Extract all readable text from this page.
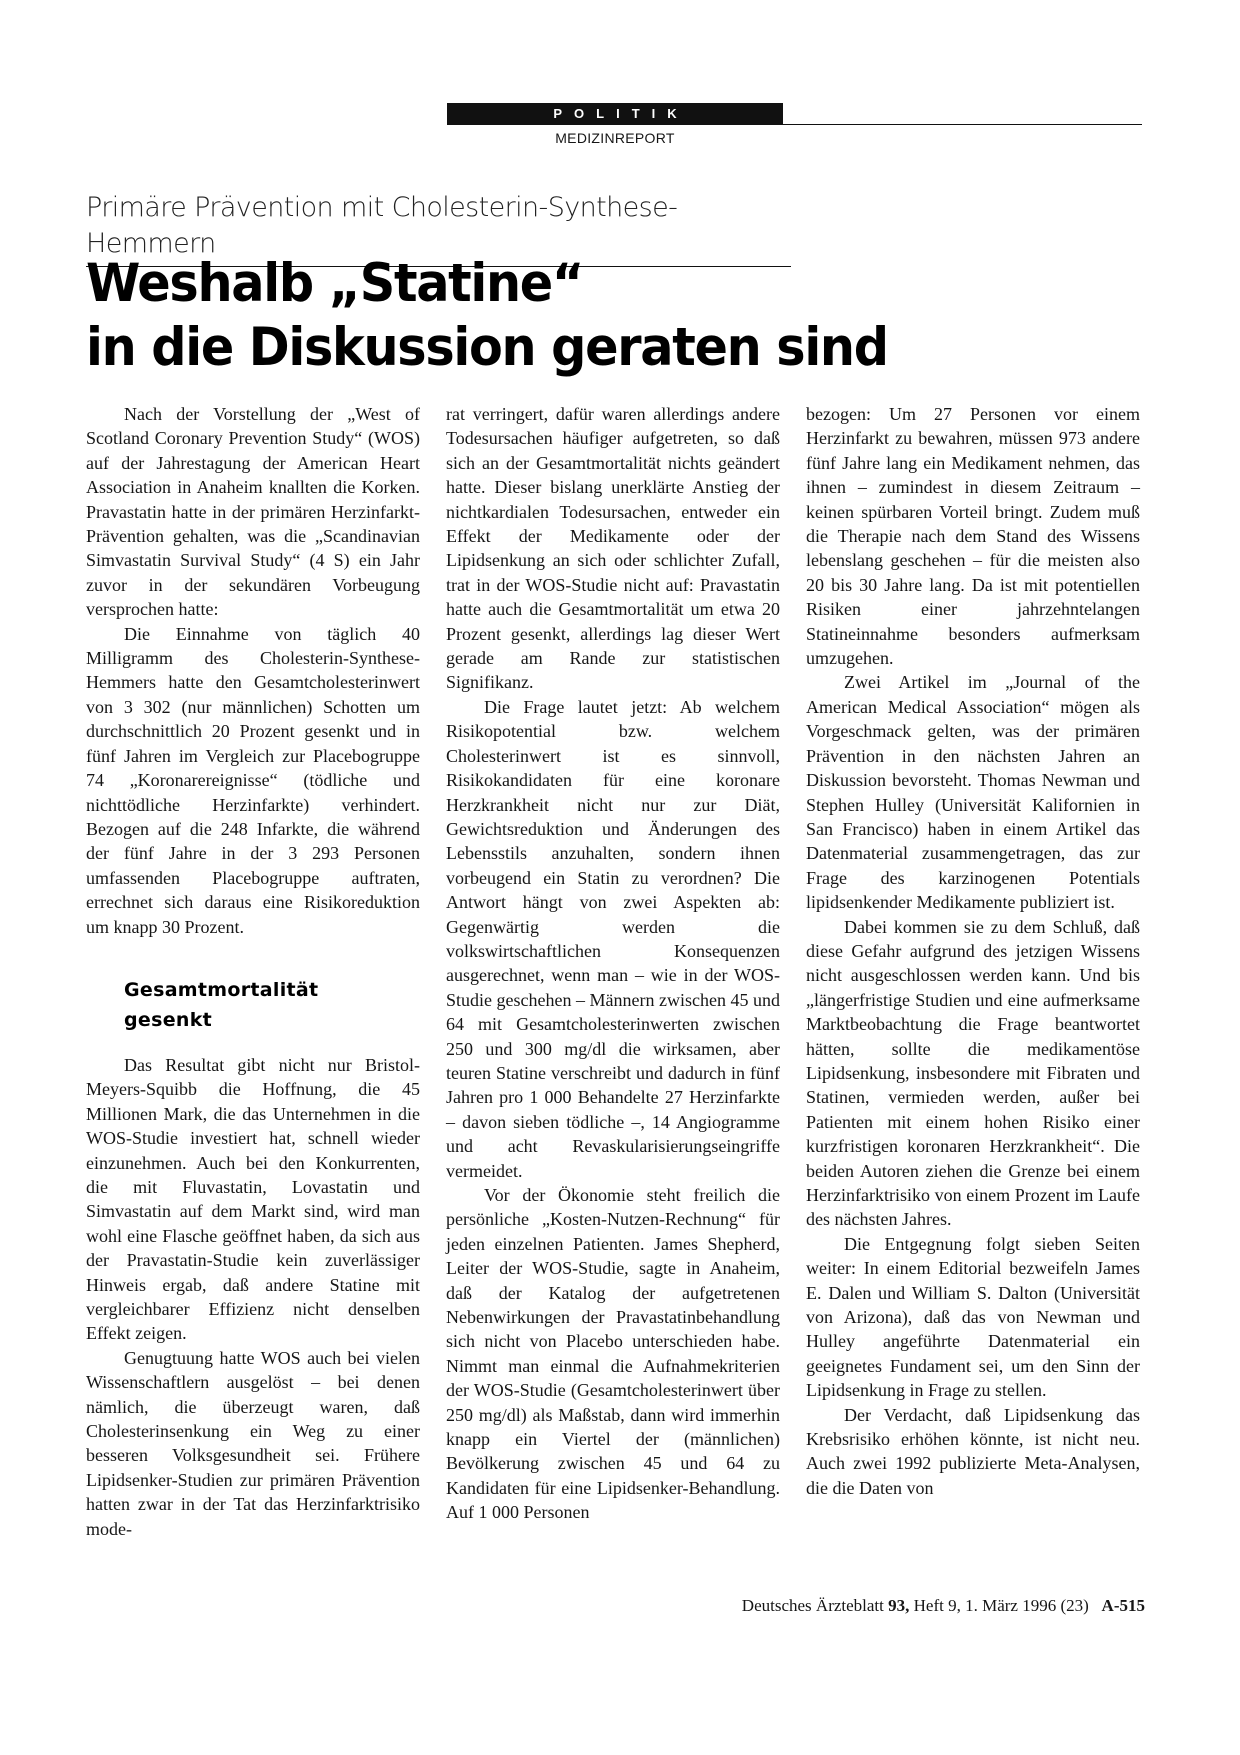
POLITIK
MEDIZINREPORT
Primäre Prävention mit Cholesterin-Synthese-Hemmern
Weshalb „Statine“
in die Diskussion geraten sind

Nach der Vorstellung der „West of Scotland Coronary Prevention Study“ (WOS) auf der Jahrestagung der American Heart Association in Anaheim knallten die Korken. Pravastatin hatte in der primären Herzinfarkt-Prävention gehalten, was die „Scandinavian Simvastatin Survival Study“ (4 S) ein Jahr zuvor in der sekundären Vorbeugung versprochen hatte:

Die Einnahme von täglich 40 Milligramm des Cholesterin-Synthese-Hemmers hatte den Gesamtcholesterinwert von 3 302 (nur männlichen) Schotten um durchschnittlich 20 Prozent gesenkt und in fünf Jahren im Vergleich zur Placebogruppe 74 „Koronarereignisse“ (tödliche und nichttödliche Herzinfarkte) verhindert. Bezogen auf die 248 Infarkte, die während der fünf Jahre in der 3 293 Personen umfassenden Placebogruppe auftraten, errechnet sich daraus eine Risikoreduktion um knapp 30 Prozent.

Gesamtmortalität
gesenkt

Das Resultat gibt nicht nur Bristol-Meyers-Squibb die Hoffnung, die 45 Millionen Mark, die das Unternehmen in die WOS-Studie investiert hat, schnell wieder einzunehmen. Auch bei den Konkurrenten, die mit Fluvastatin, Lovastatin und Simvastatin auf dem Markt sind, wird man wohl eine Flasche geöffnet haben, da sich aus der Pravastatin-Studie kein zuverlässiger Hinweis ergab, daß andere Statine mit vergleichbarer Effizienz nicht denselben Effekt zeigen.

Genugtuung hatte WOS auch bei vielen Wissenschaftlern ausgelöst – bei denen nämlich, die überzeugt waren, daß Cholesterinsenkung ein Weg zu einer besseren Volksgesundheit sei. Frühere Lipidsenker-Studien zur primären Prävention hatten zwar in der Tat das Herzinfarktrisiko mode-

rat verringert, dafür waren allerdings andere Todesursachen häufiger aufgetreten, so daß sich an der Gesamtmortalität nichts geändert hatte. Dieser bislang unerklärte Anstieg der nichtkardialen Todesursachen, entweder ein Effekt der Medikamente oder der Lipidsenkung an sich oder schlichter Zufall, trat in der WOS-Studie nicht auf: Pravastatin hatte auch die Gesamtmortalität um etwa 20 Prozent gesenkt, allerdings lag dieser Wert gerade am Rande zur statistischen Signifikanz.

Die Frage lautet jetzt: Ab welchem Risikopotential bzw. welchem Cholesterinwert ist es sinnvoll, Risikokandidaten für eine koronare Herzkrankheit nicht nur zur Diät, Gewichtsreduktion und Änderungen des Lebensstils anzuhalten, sondern ihnen vorbeugend ein Statin zu verordnen? Die Antwort hängt von zwei Aspekten ab: Gegenwärtig werden die volkswirtschaftlichen Konsequenzen ausgerechnet, wenn man – wie in der WOS-Studie geschehen – Männern zwischen 45 und 64 mit Gesamtcholesterinwerten zwischen 250 und 300 mg/dl die wirksamen, aber teuren Statine verschreibt und dadurch in fünf Jahren pro 1 000 Behandelte 27 Herzinfarkte – davon sieben tödliche –, 14 Angiogramme und acht Revaskularisierungseingriffe vermeidet.

Vor der Ökonomie steht freilich die persönliche „Kosten-Nutzen-Rechnung“ für jeden einzelnen Patienten. James Shepherd, Leiter der WOS-Studie, sagte in Anaheim, daß der Katalog der aufgetretenen Nebenwirkungen der Pravastatinbehandlung sich nicht von Placebo unterschieden habe. Nimmt man einmal die Aufnahmekriterien der WOS-Studie (Gesamtcholesterinwert über 250 mg/dl) als Maßstab, dann wird immerhin knapp ein Viertel der (männlichen) Bevölkerung zwischen 45 und 64 zu Kandidaten für eine Lipidsenker-Behandlung. Auf 1 000 Personen

bezogen: Um 27 Personen vor einem Herzinfarkt zu bewahren, müssen 973 andere fünf Jahre lang ein Medikament nehmen, das ihnen – zumindest in diesem Zeitraum – keinen spürbaren Vorteil bringt. Zudem muß die Therapie nach dem Stand des Wissens lebenslang geschehen – für die meisten also 20 bis 30 Jahre lang. Da ist mit potentiellen Risiken einer jahrzehntelangen Statineinnahme besonders aufmerksam umzugehen.

Zwei Artikel im „Journal of the American Medical Association“ mögen als Vorgeschmack gelten, was der primären Prävention in den nächsten Jahren an Diskussion bevorsteht. Thomas Newman und Stephen Hulley (Universität Kalifornien in San Francisco) haben in einem Artikel das Datenmaterial zusammengetragen, das zur Frage des karzinogenen Potentials lipidsenkender Medikamente publiziert ist.

Dabei kommen sie zu dem Schluß, daß diese Gefahr aufgrund des jetzigen Wissens nicht ausgeschlossen werden kann. Und bis „längerfristige Studien und eine aufmerksame Marktbeobachtung die Frage beantwortet hätten, sollte die medikamentöse Lipidsenkung, insbesondere mit Fibraten und Statinen, vermieden werden, außer bei Patienten mit einem hohen Risiko einer kurzfristigen koronaren Herzkrankheit“. Die beiden Autoren ziehen die Grenze bei einem Herzinfarktrisiko von einem Prozent im Laufe des nächsten Jahres.

Die Entgegnung folgt sieben Seiten weiter: In einem Editorial bezweifeln James E. Dalen und William S. Dalton (Universität von Arizona), daß das von Newman und Hulley angeführte Datenmaterial ein geeignetes Fundament sei, um den Sinn der Lipidsenkung in Frage zu stellen.

Der Verdacht, daß Lipidsenkung das Krebsrisiko erhöhen könnte, ist nicht neu. Auch zwei 1992 publizierte Meta-Analysen, die die Daten von

Deutsches Ärzteblatt 93, Heft 9, 1. März 1996 (23) A-515
